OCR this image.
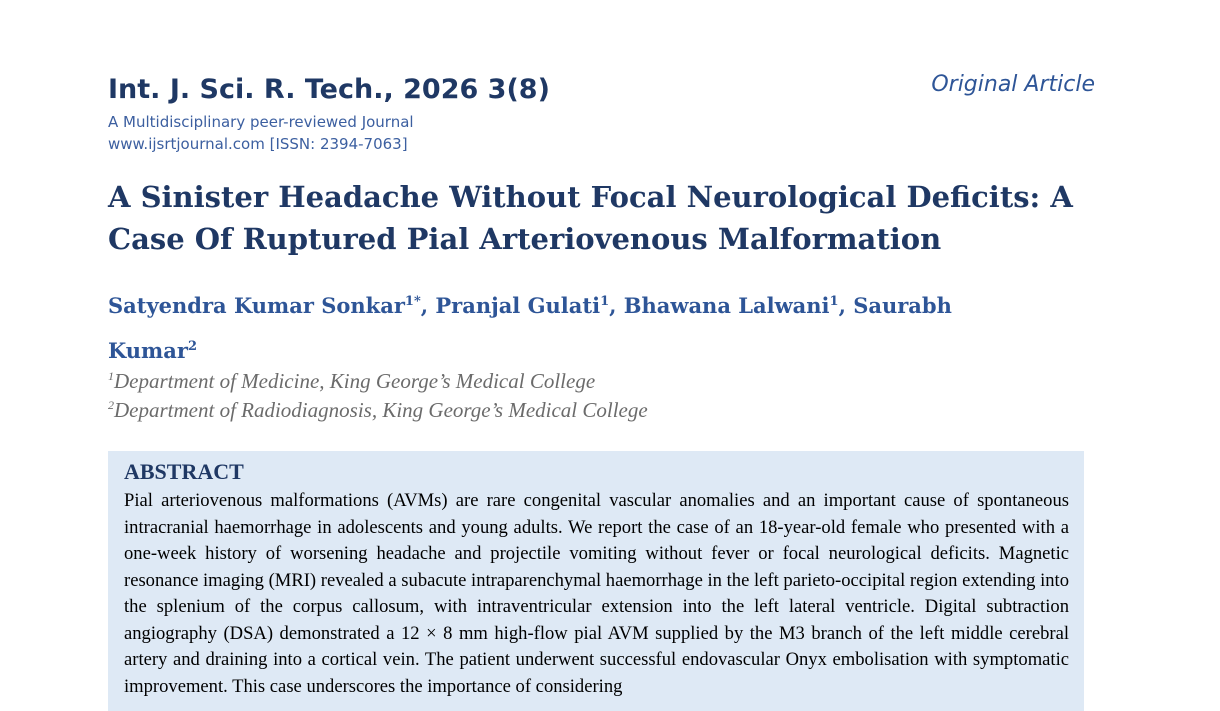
Int. J. Sci. R. Tech., 2026 3(8)	Original Article
A Multidisciplinary peer-reviewed Journal
www.ijsrtjournal.com [ISSN: 2394-7063]
A Sinister Headache Without Focal Neurological Deficits: A Case Of Ruptured Pial Arteriovenous Malformation

Satyendra Kumar Sonkar$^{1*}$, Pranjal Gulati$^1$, Bhawana Lalwani$^1$, Saurabh Kumar$^2$

$^1$Department of Medicine, King George’s Medical College
$^2$Department of Radiodiagnosis, King George’s Medical College
ABSTRACT

Pial arteriovenous malformations (AVMs) are rare congenital vascular anomalies and an important cause of spontaneous intracranial haemorrhage in adolescents and young adults. We report the case of an 18-year-old female who presented with a one-week history of worsening headache and projectile vomiting without fever or focal neurological deficits. Magnetic resonance imaging (MRI) revealed a subacute intraparenchymal haemorrhage in the left parieto-occipital region extending into the splenium of the corpus callosum, with intraventricular extension into the left lateral ventricle. Digital subtraction angiography (DSA) demonstrated a 12 × 8 mm high-flow pial AVM supplied by the M3 branch of the left middle cerebral artery and draining into a cortical vein. The patient underwent successful endovascular Onyx embolisation with symptomatic improvement. This case underscores the importance of considering
